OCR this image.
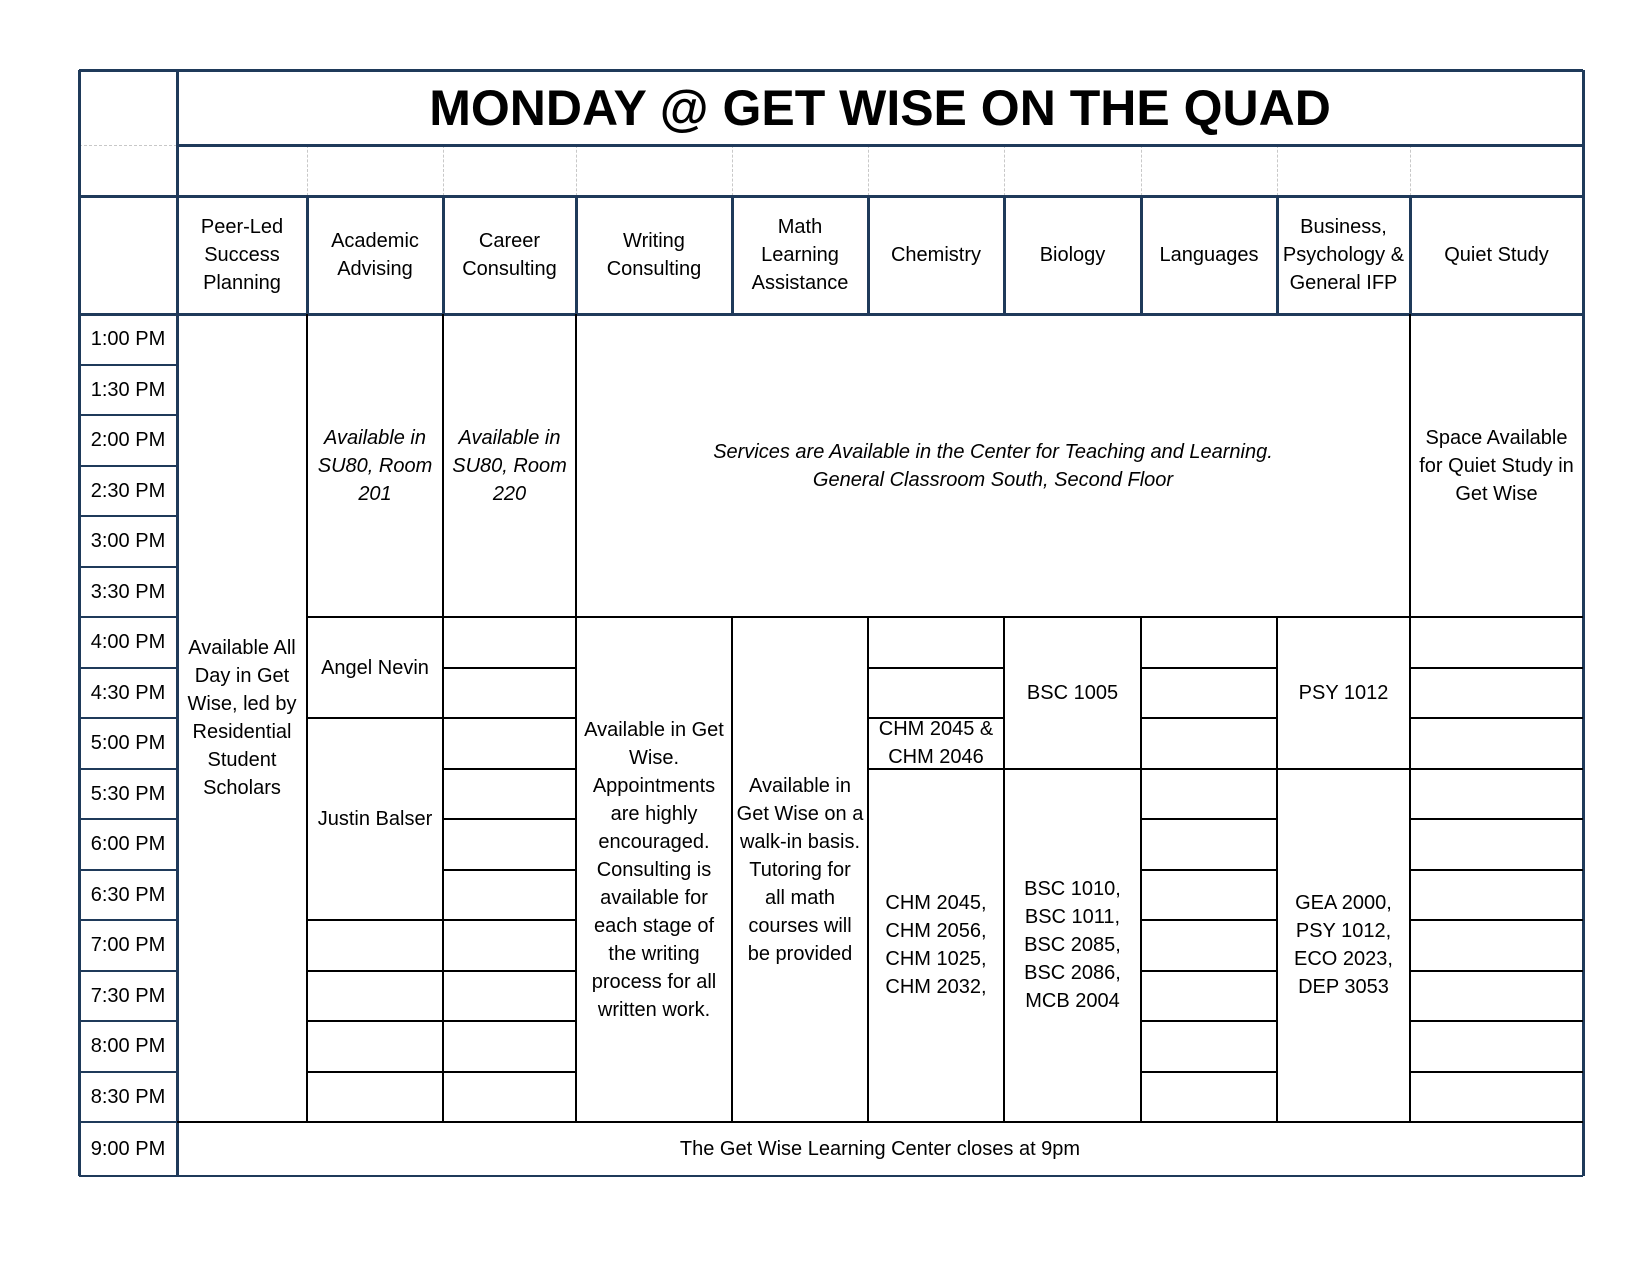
MONDAY @ GET WISE ON THE QUAD
Peer-Led
Success
Planning
Academic
Advising
Career
Consulting
Writing
Consulting
Math
Learning
Assistance
Chemistry	Biology	Languages
Business,
Psychology &
General IFP
Quiet Study
1:00 PM
1:30 PM
2:00 PM
2:30 PM
3:00 PM
3:30 PM
4:00 PM
4:30 PM
5:00 PM
5:30 PM
6:00 PM
6:30 PM
7:00 PM
7:30 PM
8:00 PM
8:30 PM
9:00 PM
Available All
Day in Get
Wise, led by
Residential
Student
Scholars
Available in
SU80, Room
201
Available in
SU80, Room
220
Services are Available in the Center for Teaching and Learning.
General Classroom South, Second Floor
Space Available
for Quiet Study in
Get Wise
Angel Nevin
Justin Balser
Available in Get
Wise.
Appointments
are highly
encouraged.
Consulting is
available for
each stage of
the writing
process for all
written work.
Available in
Get Wise on a
walk-in basis.
Tutoring for
all math
courses will
be provided
CHM 2045 &
CHM 2046
CHM 2045,
CHM 2056,
CHM 1025,
CHM 2032,
BSC 1005
BSC 1010,
BSC 1011,
BSC 2085,
BSC 2086,
MCB 2004
PSY 1012
GEA 2000,
PSY 1012,
ECO 2023,
DEP 3053
The Get Wise Learning Center closes at 9pm
